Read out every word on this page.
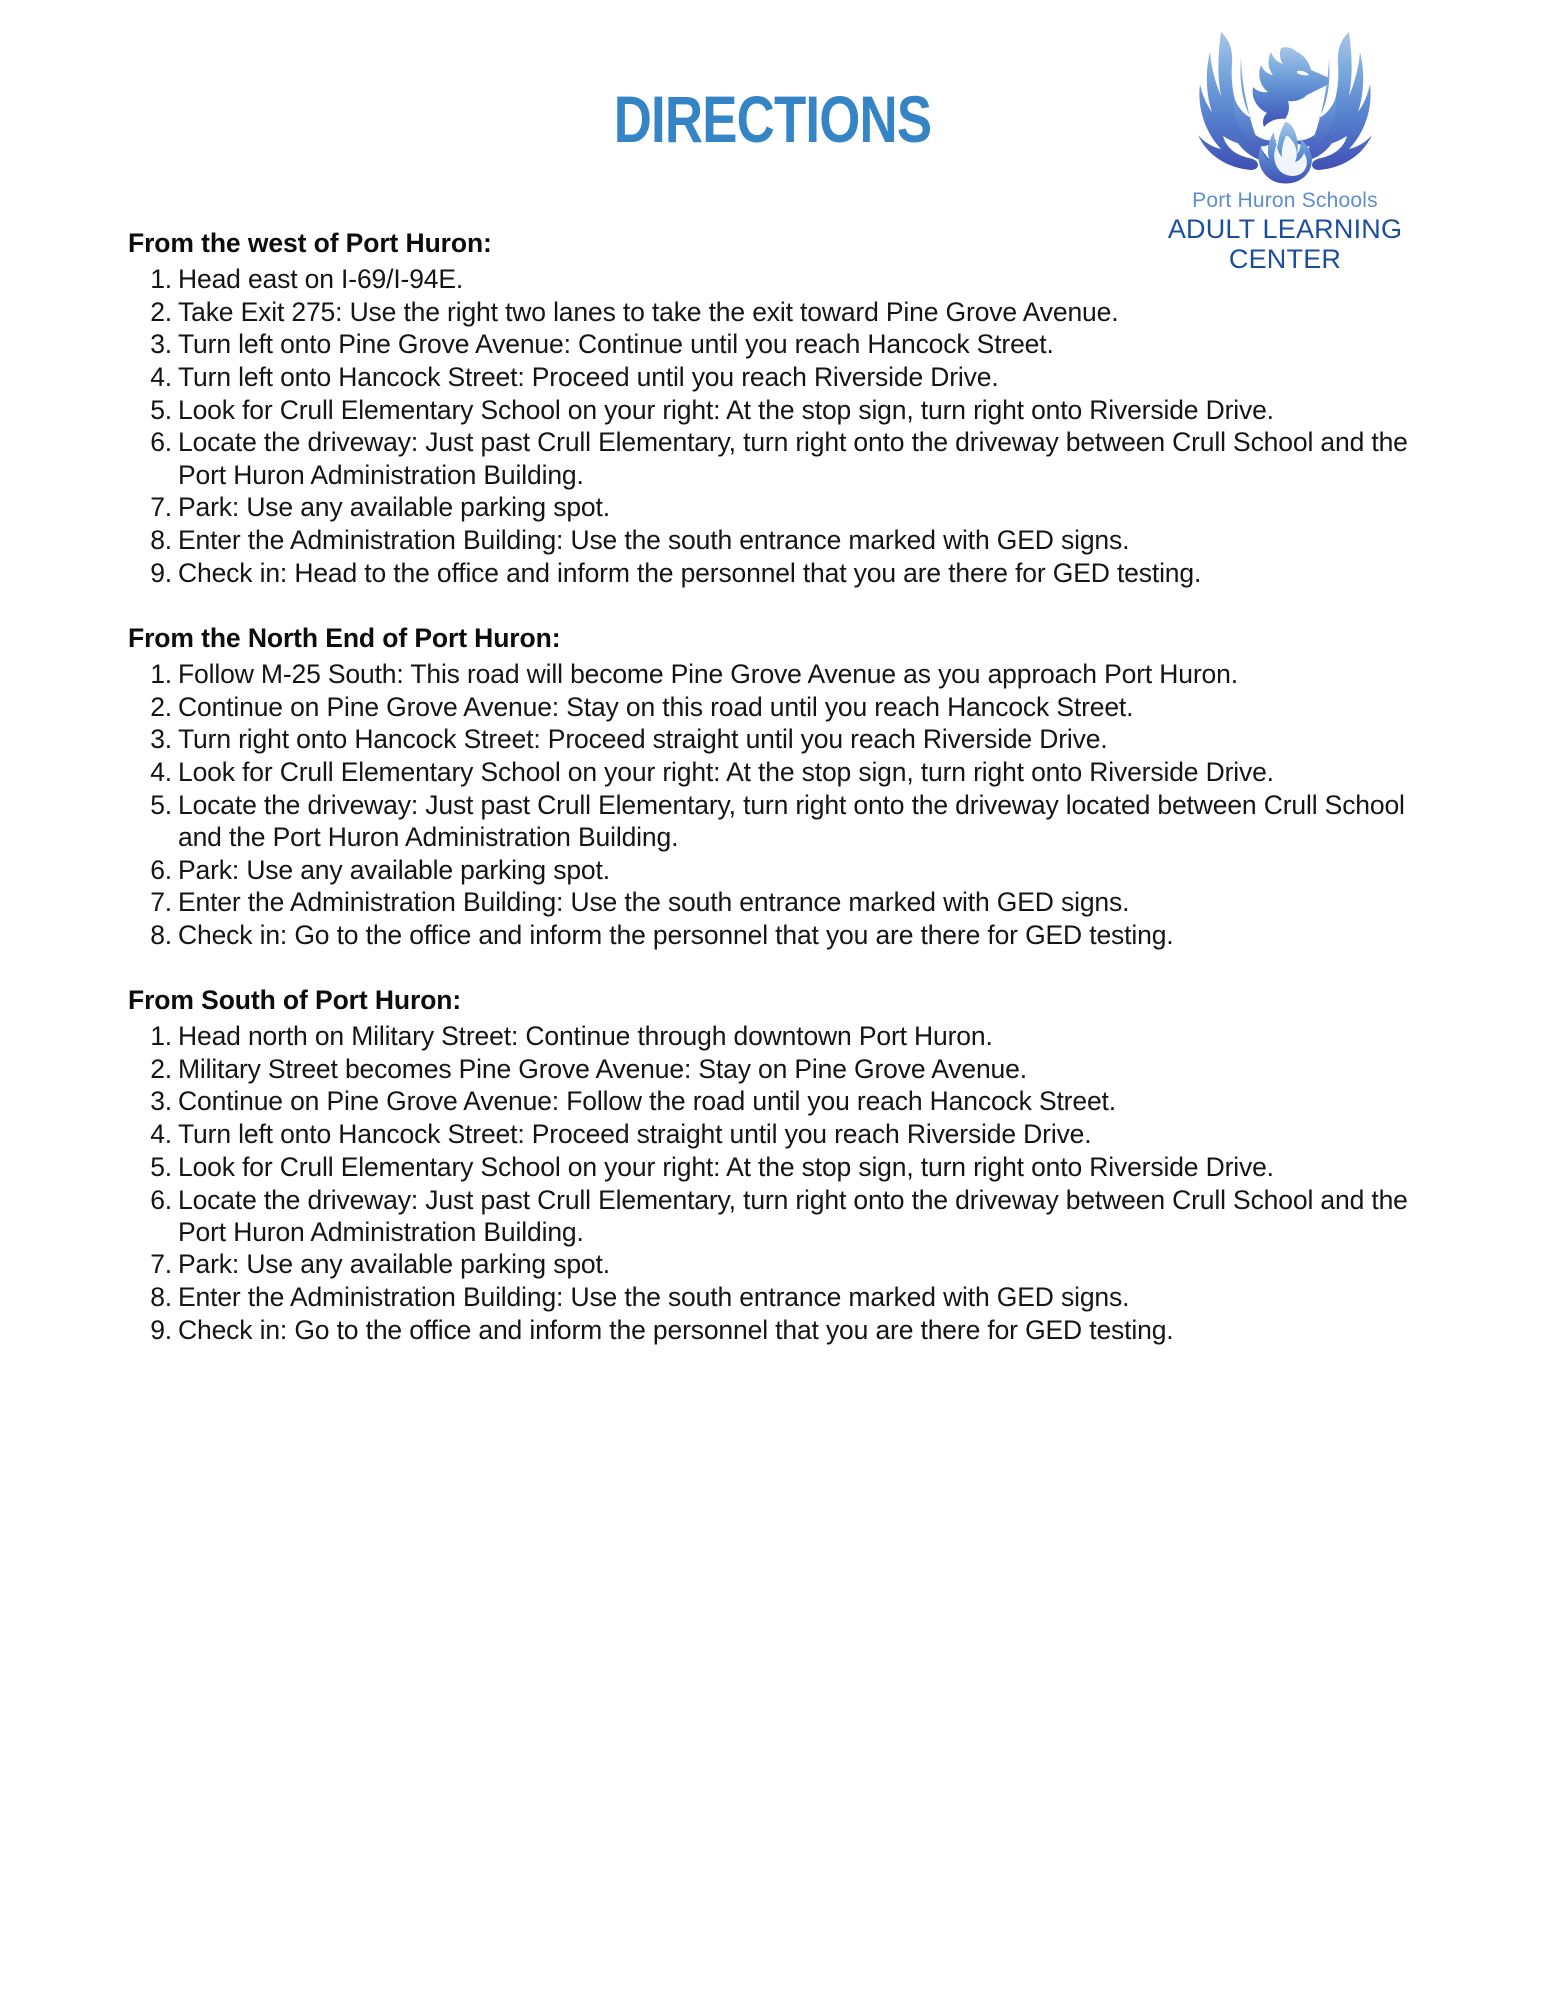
DIRECTIONS
Port Huron Schools
ADULT LEARNING
CENTER
From the west of Port Huron:
Head east on I-69/I-94E.
Take Exit 275: Use the right two lanes to take the exit toward Pine Grove Avenue.
Turn left onto Pine Grove Avenue: Continue until you reach Hancock Street.
Turn left onto Hancock Street: Proceed until you reach Riverside Drive.
Look for Crull Elementary School on your right: At the stop sign, turn right onto Riverside Drive.
Locate the driveway: Just past Crull Elementary, turn right onto the driveway between Crull School and the Port Huron Administration Building.
Park: Use any available parking spot.
Enter the Administration Building: Use the south entrance marked with GED signs.
Check in: Head to the office and inform the personnel that you are there for GED testing.
From the North End of Port Huron:
Follow M-25 South: This road will become Pine Grove Avenue as you approach Port Huron.
Continue on Pine Grove Avenue: Stay on this road until you reach Hancock Street.
Turn right onto Hancock Street: Proceed straight until you reach Riverside Drive.
Look for Crull Elementary School on your right: At the stop sign, turn right onto Riverside Drive.
Locate the driveway: Just past Crull Elementary, turn right onto the driveway located between Crull School and the Port Huron Administration Building.
Park: Use any available parking spot.
Enter the Administration Building: Use the south entrance marked with GED signs.
Check in: Go to the office and inform the personnel that you are there for GED testing.
From South of Port Huron:
Head north on Military Street: Continue through downtown Port Huron.
Military Street becomes Pine Grove Avenue: Stay on Pine Grove Avenue.
Continue on Pine Grove Avenue: Follow the road until you reach Hancock Street.
Turn left onto Hancock Street: Proceed straight until you reach Riverside Drive.
Look for Crull Elementary School on your right: At the stop sign, turn right onto Riverside Drive.
Locate the driveway: Just past Crull Elementary, turn right onto the driveway between Crull School and the Port Huron Administration Building.
Park: Use any available parking spot.
Enter the Administration Building: Use the south entrance marked with GED signs.
Check in: Go to the office and inform the personnel that you are there for GED testing.
